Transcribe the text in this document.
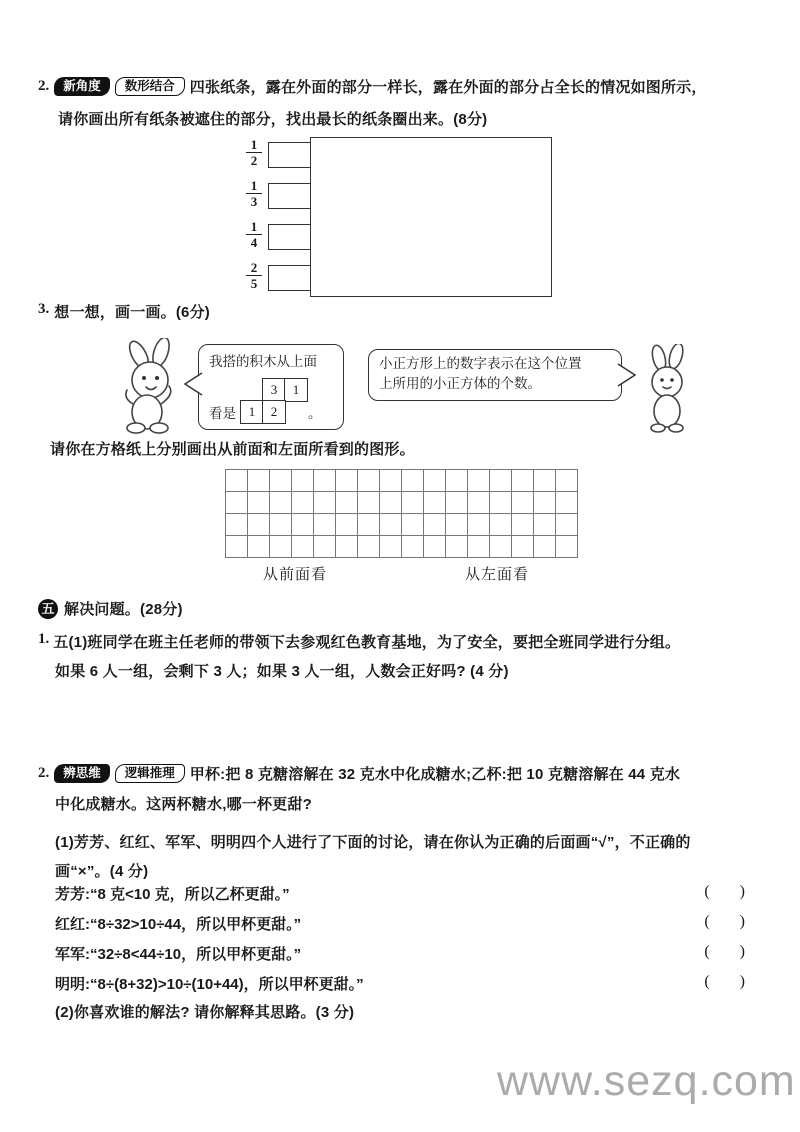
2.	新角度	数形结合	四张纸条，露在外面的部分一样长，露在外面的部分占全长的情况如图所示，
请你画出所有纸条被遮住的部分，找出最长的纸条圈出来。(8分)
$\frac{1}{2}$
$\frac{1}{3}$
$\frac{1}{4}$
$\frac{2}{5}$
3. 想一想，画一画。(6分)
我搭的积木从上面
看是
3	1
1	2	。
小正方形上的数字表示在这个位置
上所用的小正方体的个数。
请你在方格纸上分别画出从前面和左面所看到的图形。
从前面看	从左面看
五 解决问题。(28分)
1. 五(1)班同学在班主任老师的带领下去参观红色教育基地，为了安全，要把全班同学进行分组。
如果 6 人一组，会剩下 3 人；如果 3 人一组，人数会正好吗? (4 分)
2.	辨思维	逻辑推理	甲杯:把 8 克糖溶解在 32 克水中化成糖水;乙杯:把 10 克糖溶解在 44 克水
中化成糖水。这两杯糖水,哪一杯更甜?
(1)芳芳、红红、军军、明明四个人进行了下面的讨论，请在你认为正确的后面画“√”，不正确的
画“×”。(4 分)
芳芳:“8 克<10 克，所以乙杯更甜。”	( )
红红:“8÷32>10÷44，所以甲杯更甜。”	( )
军军:“32÷8<44÷10，所以甲杯更甜。”	( )
明明:“8÷(8+32)>10÷(10+44)，所以甲杯更甜。”	( )
(2)你喜欢谁的解法? 请你解释其思路。(3 分)
www.sezq.com
